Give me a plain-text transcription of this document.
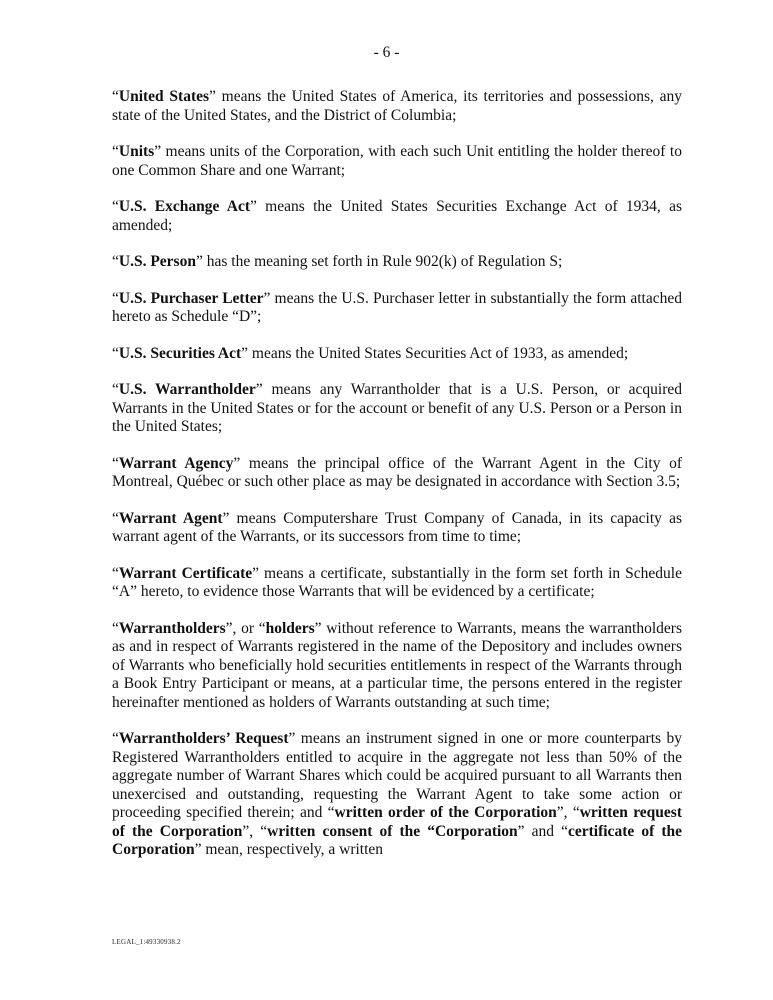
- 6 -

“United States” means the United States of America, its territories and possessions, any state of the United States, and the District of Columbia;

“Units” means units of the Corporation, with each such Unit entitling the holder thereof to one Common Share and one Warrant;

“U.S. Exchange Act” means the United States Securities Exchange Act of 1934, as amended;

“U.S. Person” has the meaning set forth in Rule 902(k) of Regulation S;

“U.S. Purchaser Letter” means the U.S. Purchaser letter in substantially the form attached hereto as Schedule “D”;

“U.S. Securities Act” means the United States Securities Act of 1933, as amended;

“U.S. Warrantholder” means any Warrantholder that is a U.S. Person, or acquired Warrants in the United States or for the account or benefit of any U.S. Person or a Person in the United States;

“Warrant Agency” means the principal office of the Warrant Agent in the City of Montreal, Québec or such other place as may be designated in accordance with Section 3.5;

“Warrant Agent” means Computershare Trust Company of Canada, in its capacity as warrant agent of the Warrants, or its successors from time to time;

“Warrant Certificate” means a certificate, substantially in the form set forth in Schedule “A” hereto, to evidence those Warrants that will be evidenced by a certificate;

“Warrantholders”, or “holders” without reference to Warrants, means the warrantholders as and in respect of Warrants registered in the name of the Depository and includes owners of Warrants who beneficially hold securities entitlements in respect of the Warrants through a Book Entry Participant or means, at a particular time, the persons entered in the register hereinafter mentioned as holders of Warrants outstanding at such time;

“Warrantholders’ Request” means an instrument signed in one or more counterparts by Registered Warrantholders entitled to acquire in the aggregate not less than 50% of the aggregate number of Warrant Shares which could be acquired pursuant to all Warrants then unexercised and outstanding, requesting the Warrant Agent to take some action or proceeding specified therein; and “written order of the Corporation”, “written request of the Corporation”, “written consent of the “Corporation” and “certificate of the Corporation” mean, respectively, a written

LEGAL_1:49330938.2
